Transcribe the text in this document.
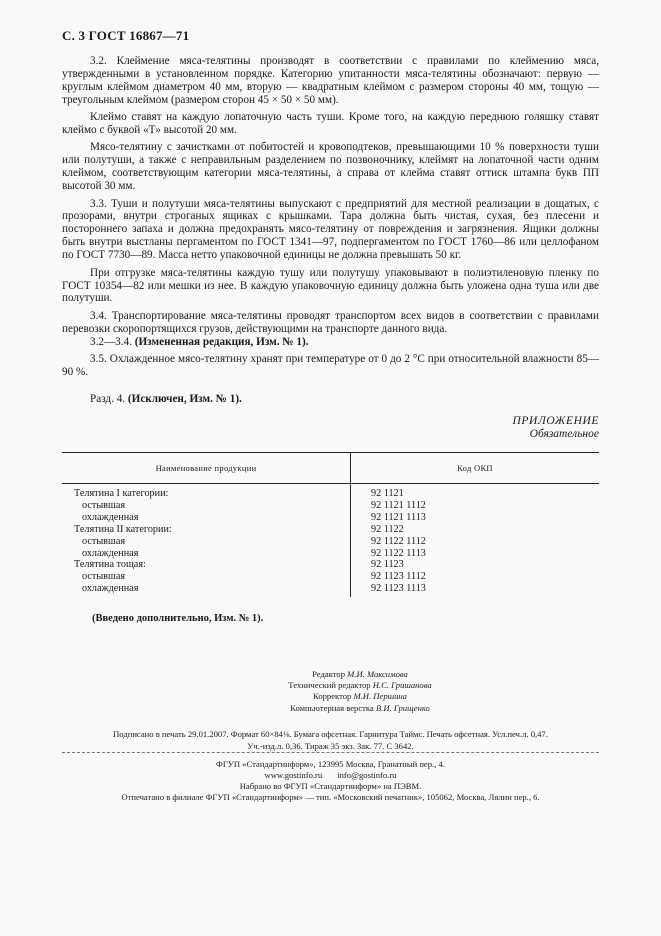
С. 3 ГОСТ 16867—71

3.2. Клеймение мяса-телятины производят в соответствии с правилами по клеймению мяса, утвержденными в установленном порядке. Категорию упитанности мяса-телятины обозначают: первую — круглым клеймом диаметром 40 мм, вторую — квадратным клеймом с размером стороны 40 мм, тощую — треугольным клеймом (размером сторон 45 × 50 × 50 мм).

Клеймо ставят на каждую лопаточную часть туши. Кроме того, на каждую переднюю голяшку ставят клеймо с буквой «Т» высотой 20 мм.

Мясо-телятину с зачистками от побитостей и кровоподтеков, превышающими 10 % поверхности туши или полутуши, а также с неправильным разделением по позвоночнику, клеймят на лопаточной части одним клеймом, соответствующим категории мяса-телятины, а справа от клейма ставят оттиск штампа букв ПП высотой 30 мм.

3.3. Туши и полутуши мяса-телятины выпускают с предприятий для местной реализации в дощатых, с прозорами, внутри строганых ящиках с крышками. Тара должна быть чистая, сухая, без плесени и постороннего запаха и должна предохранять мясо-телятину от повреждения и загрязнения. Ящики должны быть внутри выстланы пергаментом по ГОСТ 1341—97, подпергаментом по ГОСТ 1760—86 или целлофаном по ГОСТ 7730—89. Масса нетто упаковочной единицы не должна превышать 50 кг.

При отгрузке мяса-телятины каждую тушу или полутушу упаковывают в полиэтиленовую пленку по ГОСТ 10354—82 или мешки из нее. В каждую упаковочную единицу должна быть уложена одна туша или две полутуши.

3.4. Транспортирование мяса-телятины проводят транспортом всех видов в соответствии с правилами перевозки скоропортящихся грузов, действующими на транспорте данного вида.

3.2—3.4. (Измененная редакция, Изм. № 1).

3.5. Охлажденное мясо-телятину хранят при температуре от 0 до 2 °С при относительной влажности 85—90 %.

Разд. 4. (Исключен, Изм. № 1).

ПРИЛОЖЕНИЕ
Обязательное
Наименование продукции	Код ОКП
Телятина I категории:	92 1121
остывшая	92 1121 1112
охлажденная	92 1121 1113
Телятина II категории:	92 1122
остывшая	92 1122 1112
охлажденная	92 1122 1113
Телятина тощая:	92 1123
остывшая	92 1123 1112
охлажденная	92 1123 1113
(Введено дополнительно, Изм. № 1).
Редактор М.И. Максимова
Технический редактор Н.С. Гришанова
Корректор М.И. Першина
Компьютерная верстка В.И. Грищенко
Подписано в печать 29.01.2007. Формат 60×84⅛. Бумага офсетная. Гарнитура Таймс. Печать офсетная. Усл.печ.л. 0,47.
Уч.-изд.л. 0,36. Тираж 35 экз. Зак. 77. С 3642.
ФГУП «Стандартинформ», 123995 Москва, Гранатный пер., 4.
www.gostinfo.ru info@gostinfo.ru
Набрано во ФГУП «Стандартинформ» на ПЭВМ.
Отпечатано в филиале ФГУП «Стандартинформ» — тип. «Московский печатник», 105062, Москва, Лялин пер., 6.
